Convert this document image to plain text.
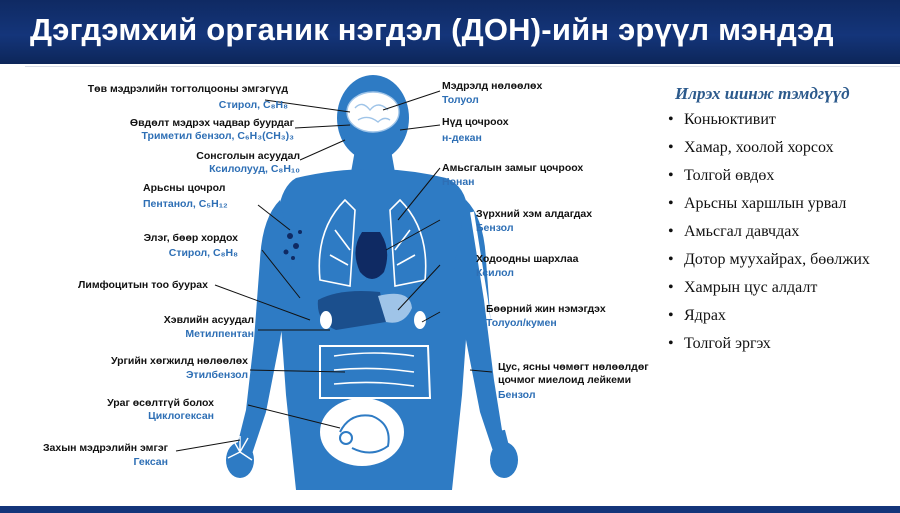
Дэгдэмхий органик нэгдэл (ДОН)-ийн эрүүл мэндэд
Төв мэдрэлийн тогтолцооны эмгэгүүд
Стирол, C₈H₈
Өвдөлт мэдрэх чадвар буурдаг
Триметил бензол, C₆H₃(CH₃)₃
Сонсголын асуудал
Ксилолууд, C₈H₁₀
Арьсны цочрол
Пентанол, C₅H₁₂
Элэг, бөөр хордох
Стирол, C₈H₈
Лимфоцитын тоо буурах
Хэвлийн асуудал
Метилпентан
Ургийн хөгжилд нөлөөлөх
Этилбензол
Ураг өсөлтгүй болох
Циклогексан
Захын мэдрэлийн эмгэг
Гексан
Мэдрэлд нөлөөлөх
Толуол
Нүд цочроох
н-декан
Амьсгалын замыг цочроох
Нонан
Зүрхний хэм алдагдах
Бензол
Ходоодны шархлаа
Ксилол
Бөөрний жин нэмэгдэх
Толуол/кумен
Цус, ясны чөмөгт нөлөөлдөг
цочмог миелоид лейкеми
Бензол
Илрэх шинж тэмдгүүд
• Коньюктивит
• Хамар, хоолой хорсох
• Толгой өвдөх
• Арьсны харшлын урвал
• Амьсгал давчдах
• Дотор муухайрах, бөөлжих
• Хамрын цус алдалт
• Ядрах
• Толгой эргэх
